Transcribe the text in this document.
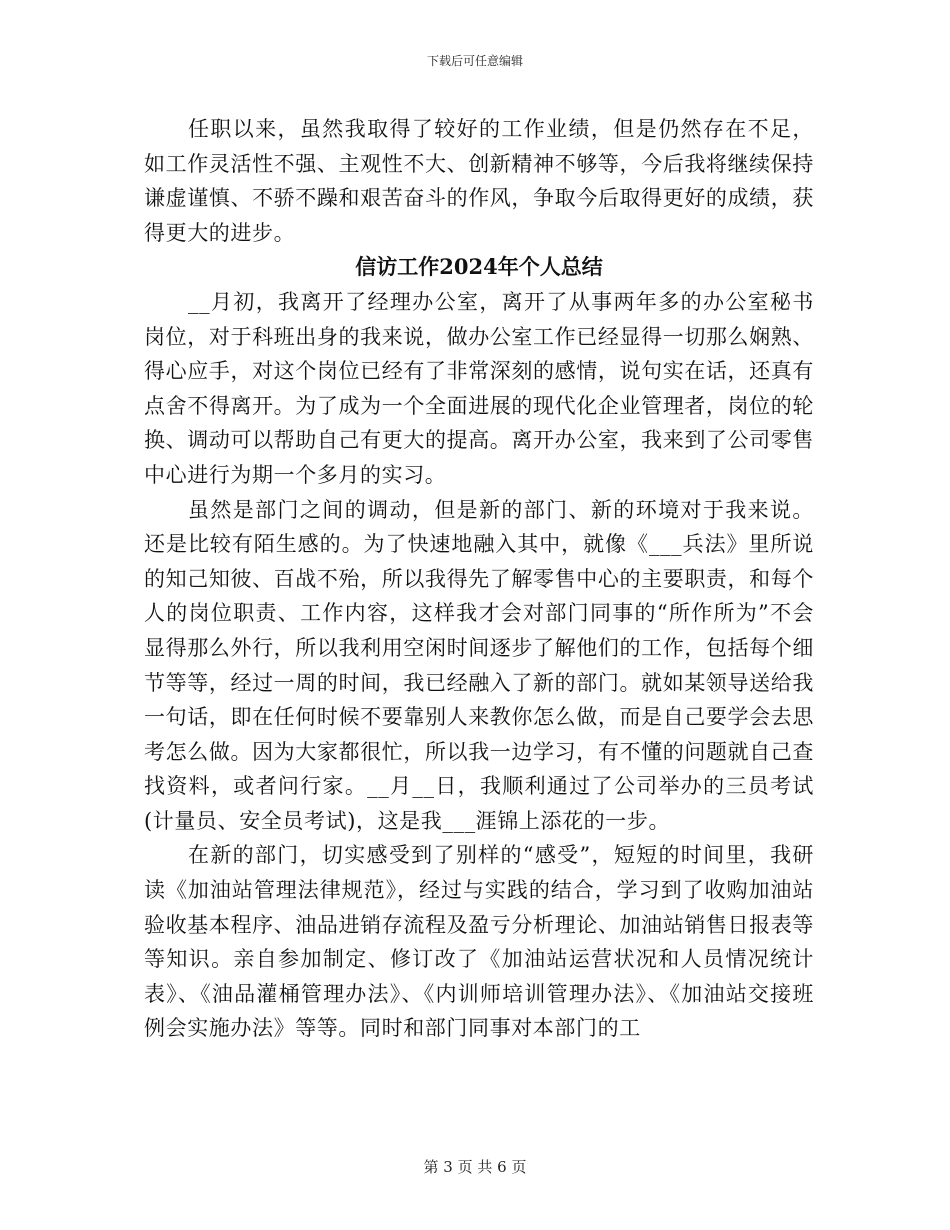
下载后可任意编辑

任职以来，虽然我取得了较好的工作业绩，但是仍然存在不足，如工作灵活性不强、主观性不大、创新精神不够等，今后我将继续保持谦虚谨慎、不骄不躁和艰苦奋斗的作风，争取今后取得更好的成绩，获得更大的进步。

信访工作2024年个人总结

__月初，我离开了经理办公室，离开了从事两年多的办公室秘书岗位，对于科班出身的我来说，做办公室工作已经显得一切那么娴熟、得心应手，对这个岗位已经有了非常深刻的感情，说句实在话，还真有点舍不得离开。为了成为一个全面进展的现代化企业管理者，岗位的轮换、调动可以帮助自己有更大的提高。离开办公室，我来到了公司零售中心进行为期一个多月的实习。

虽然是部门之间的调动，但是新的部门、新的环境对于我来说。还是比较有陌生感的。为了快速地融入其中，就像《___兵法》里所说的知己知彼、百战不殆，所以我得先了解零售中心的主要职责，和每个人的岗位职责、工作内容，这样我才会对部门同事的“所作所为”不会显得那么外行，所以我利用空闲时间逐步了解他们的工作，包括每个细节等等，经过一周的时间，我已经融入了新的部门。就如某领导送给我一句话，即在任何时候不要靠别人来教你怎么做，而是自己要学会去思考怎么做。因为大家都很忙，所以我一边学习，有不懂的问题就自己查找资料，或者问行家。__月__日，我顺利通过了公司举办的三员考试(计量员、安全员考试)，这是我___涯锦上添花的一步。

在新的部门，切实感受到了别样的“感受”，短短的时间里，我研读《加油站管理法律规范》，经过与实践的结合，学习到了收购加油站验收基本程序、油品进销存流程及盈亏分析理论、加油站销售日报表等等知识。亲自参加制定、修订改了《加油站运营状况和人员情况统计表》、《油品灌桶管理办法》、《内训师培训管理办法》、《加油站交接班例会实施办法》等等。同时和部门同事对本部门的工

第 3 页 共 6 页
